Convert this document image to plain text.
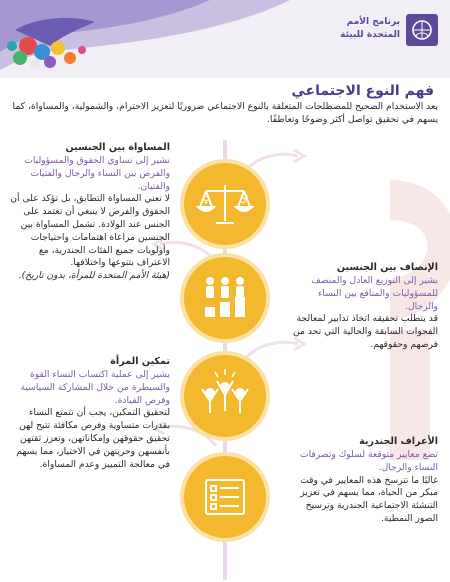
برنامج الأمم
المتحدة للبيئة
فهم النوع الاجتماعي

يعد الاستخدام الصحيح للمصطلحات المتعلقة بالنوع الاجتماعي ضروريًا لتعزيز الاحترام، والشمولية، والمساواة، كما يسهم في تحقيق تواصل أكثر وضوحًا وتعاطفًا.

♀	♂
المساواة بين الجنسين

تشير إلى تساوي الحقوق والمسؤوليات والفرص بين النساء والرجال والفتيات والفتيان.

لا تعني المساواة التطابق، بل تؤكد على أن الحقوق والفرص لا ينبغي أن تعتمد على الجنس عند الولادة. تشمل المساواة بين الجنسين مراعاة اهتمامات واحتياجات وأولويات جميع الفئات الجندرية، مع الاعتراف بتنوعها واختلافها.

(هيئة الأمم المتحدة للمرأة، بدون تاريخ).

الإنصاف بين الجنسين

يشير إلى التوزيع العادل والمنصف للمسؤوليات والمنافع بين النساء والرجال.

قد يتطلب تحقيقه اتخاذ تدابير لمعالجة الفجوات السابقة والحالية التي تحد من فرصهم وحقوقهم.

تمكين المرأة

يشير إلى عملية اكتساب النساء القوة والسيطرة من خلال المشاركة السياسية وفرص القيادة.

لتحقيق التمكين، يجب أن تتمتع النساء بقدرات متساوية وفرص مكافئة تتيح لهن تحقيق حقوقهن وإمكاناتهن، وتعزز ثقتهن بأنفسهن وحريتهن في الاختيار، مما يسهم في معالجة التمييز وعدم المساواة.

الأعراف الجندرية

تضع معايير متوقعة لسلوك وتصرفات النساء والرجال.

غالبًا ما تترسخ هذه المعايير في وقت مبكر من الحياة، مما يسهم في تعزيز التنشئة الاجتماعية الجندرية وترسيخ الصور النمطية.
